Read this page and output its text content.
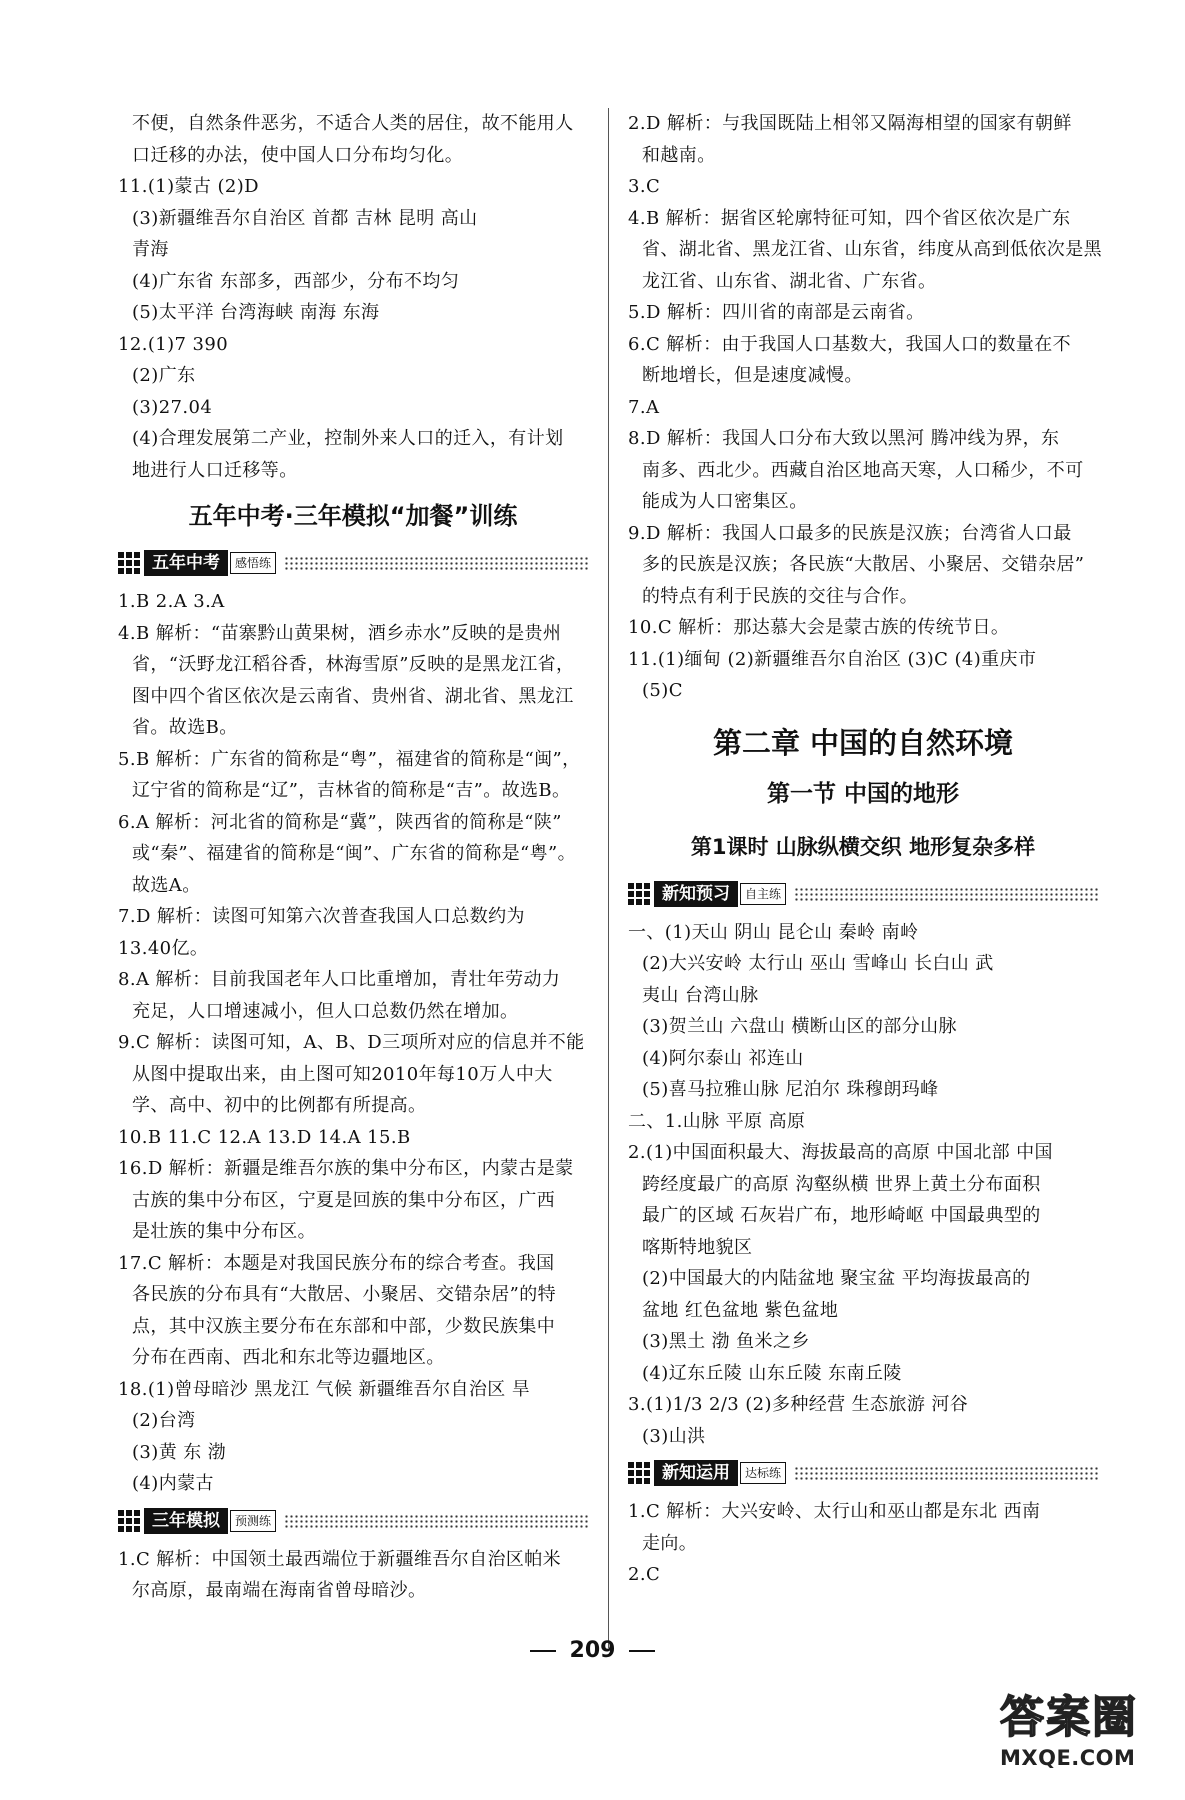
不便，自然条件恶劣，不适合人类的居住，故不能用人

口迁移的办法，使中国人口分布均匀化。

11.(1)蒙古 (2)D

(3)新疆维吾尔自治区 首都 吉林 昆明 高山

青海

(4)广东省 东部多，西部少，分布不均匀

(5)太平洋 台湾海峡 南海 东海

12.(1)7 390

(2)广东

(3)27.04

(4)合理发展第二产业，控制外来人口的迁入，有计划

地进行人口迁移等。

五年中考·三年模拟“加餐”训练

五年中考	感悟练

1.B 2.A 3.A

4.B 解析：“苗寨黔山黄果树，酒乡赤水”反映的是贵州

省，“沃野龙江稻谷香，林海雪原”反映的是黑龙江省，

图中四个省区依次是云南省、贵州省、湖北省、黑龙江

省。故选B。

5.B 解析：广东省的简称是“粤”，福建省的简称是“闽”，

辽宁省的简称是“辽”，吉林省的简称是“吉”。故选B。

6.A 解析：河北省的简称是“冀”，陕西省的简称是“陕”

或“秦”、福建省的简称是“闽”、广东省的简称是“粤”。

故选A。

7.D 解析：读图可知第六次普查我国人口总数约为

13.40亿。

8.A 解析：目前我国老年人口比重增加，青壮年劳动力

充足，人口增速减小，但人口总数仍然在增加。

9.C 解析：读图可知，A、B、D三项所对应的信息并不能

从图中提取出来，由上图可知2010年每10万人中大

学、高中、初中的比例都有所提高。

10.B 11.C 12.A 13.D 14.A 15.B

16.D 解析：新疆是维吾尔族的集中分布区，内蒙古是蒙

古族的集中分布区，宁夏是回族的集中分布区，广西

是壮族的集中分布区。

17.C 解析：本题是对我国民族分布的综合考查。我国

各民族的分布具有“大散居、小聚居、交错杂居”的特

点，其中汉族主要分布在东部和中部，少数民族集中

分布在西南、西北和东北等边疆地区。

18.(1)曾母暗沙 黑龙江 气候 新疆维吾尔自治区 旱

(2)台湾

(3)黄 东 渤

(4)内蒙古

三年模拟	预测练

1.C 解析：中国领土最西端位于新疆维吾尔自治区帕米

尔高原，最南端在海南省曾母暗沙。

2.D 解析：与我国既陆上相邻又隔海相望的国家有朝鲜

和越南。

3.C

4.B 解析：据省区轮廓特征可知，四个省区依次是广东

省、湖北省、黑龙江省、山东省，纬度从高到低依次是黑

龙江省、山东省、湖北省、广东省。

5.D 解析：四川省的南部是云南省。

6.C 解析：由于我国人口基数大，我国人口的数量在不

断地增长，但是速度减慢。

7.A

8.D 解析：我国人口分布大致以黑河 腾冲线为界，东

南多、西北少。西藏自治区地高天寒，人口稀少，不可

能成为人口密集区。

9.D 解析：我国人口最多的民族是汉族；台湾省人口最

多的民族是汉族；各民族“大散居、小聚居、交错杂居”

的特点有利于民族的交往与合作。

10.C 解析：那达慕大会是蒙古族的传统节日。

11.(1)缅甸 (2)新疆维吾尔自治区 (3)C (4)重庆市

(5)C

第二章 中国的自然环境

第一节 中国的地形

第1课时 山脉纵横交织 地形复杂多样

新知预习	自主练

一、(1)天山 阴山 昆仑山 秦岭 南岭

(2)大兴安岭 太行山 巫山 雪峰山 长白山 武

夷山 台湾山脉

(3)贺兰山 六盘山 横断山区的部分山脉

(4)阿尔泰山 祁连山

(5)喜马拉雅山脉 尼泊尔 珠穆朗玛峰

二、1.山脉 平原 高原

2.(1)中国面积最大、海拔最高的高原 中国北部 中国

跨经度最广的高原 沟壑纵横 世界上黄土分布面积

最广的区域 石灰岩广布，地形崎岖 中国最典型的

喀斯特地貌区

(2)中国最大的内陆盆地 聚宝盆 平均海拔最高的

盆地 红色盆地 紫色盆地

(3)黑土 渤 鱼米之乡

(4)辽东丘陵 山东丘陵 东南丘陵

3.(1)1/3 2/3 (2)多种经营 生态旅游 河谷

(3)山洪

新知运用	达标练

1.C 解析：大兴安岭、太行山和巫山都是东北 西南

走向。

2.C

209
答案圈
MXQE.COM
